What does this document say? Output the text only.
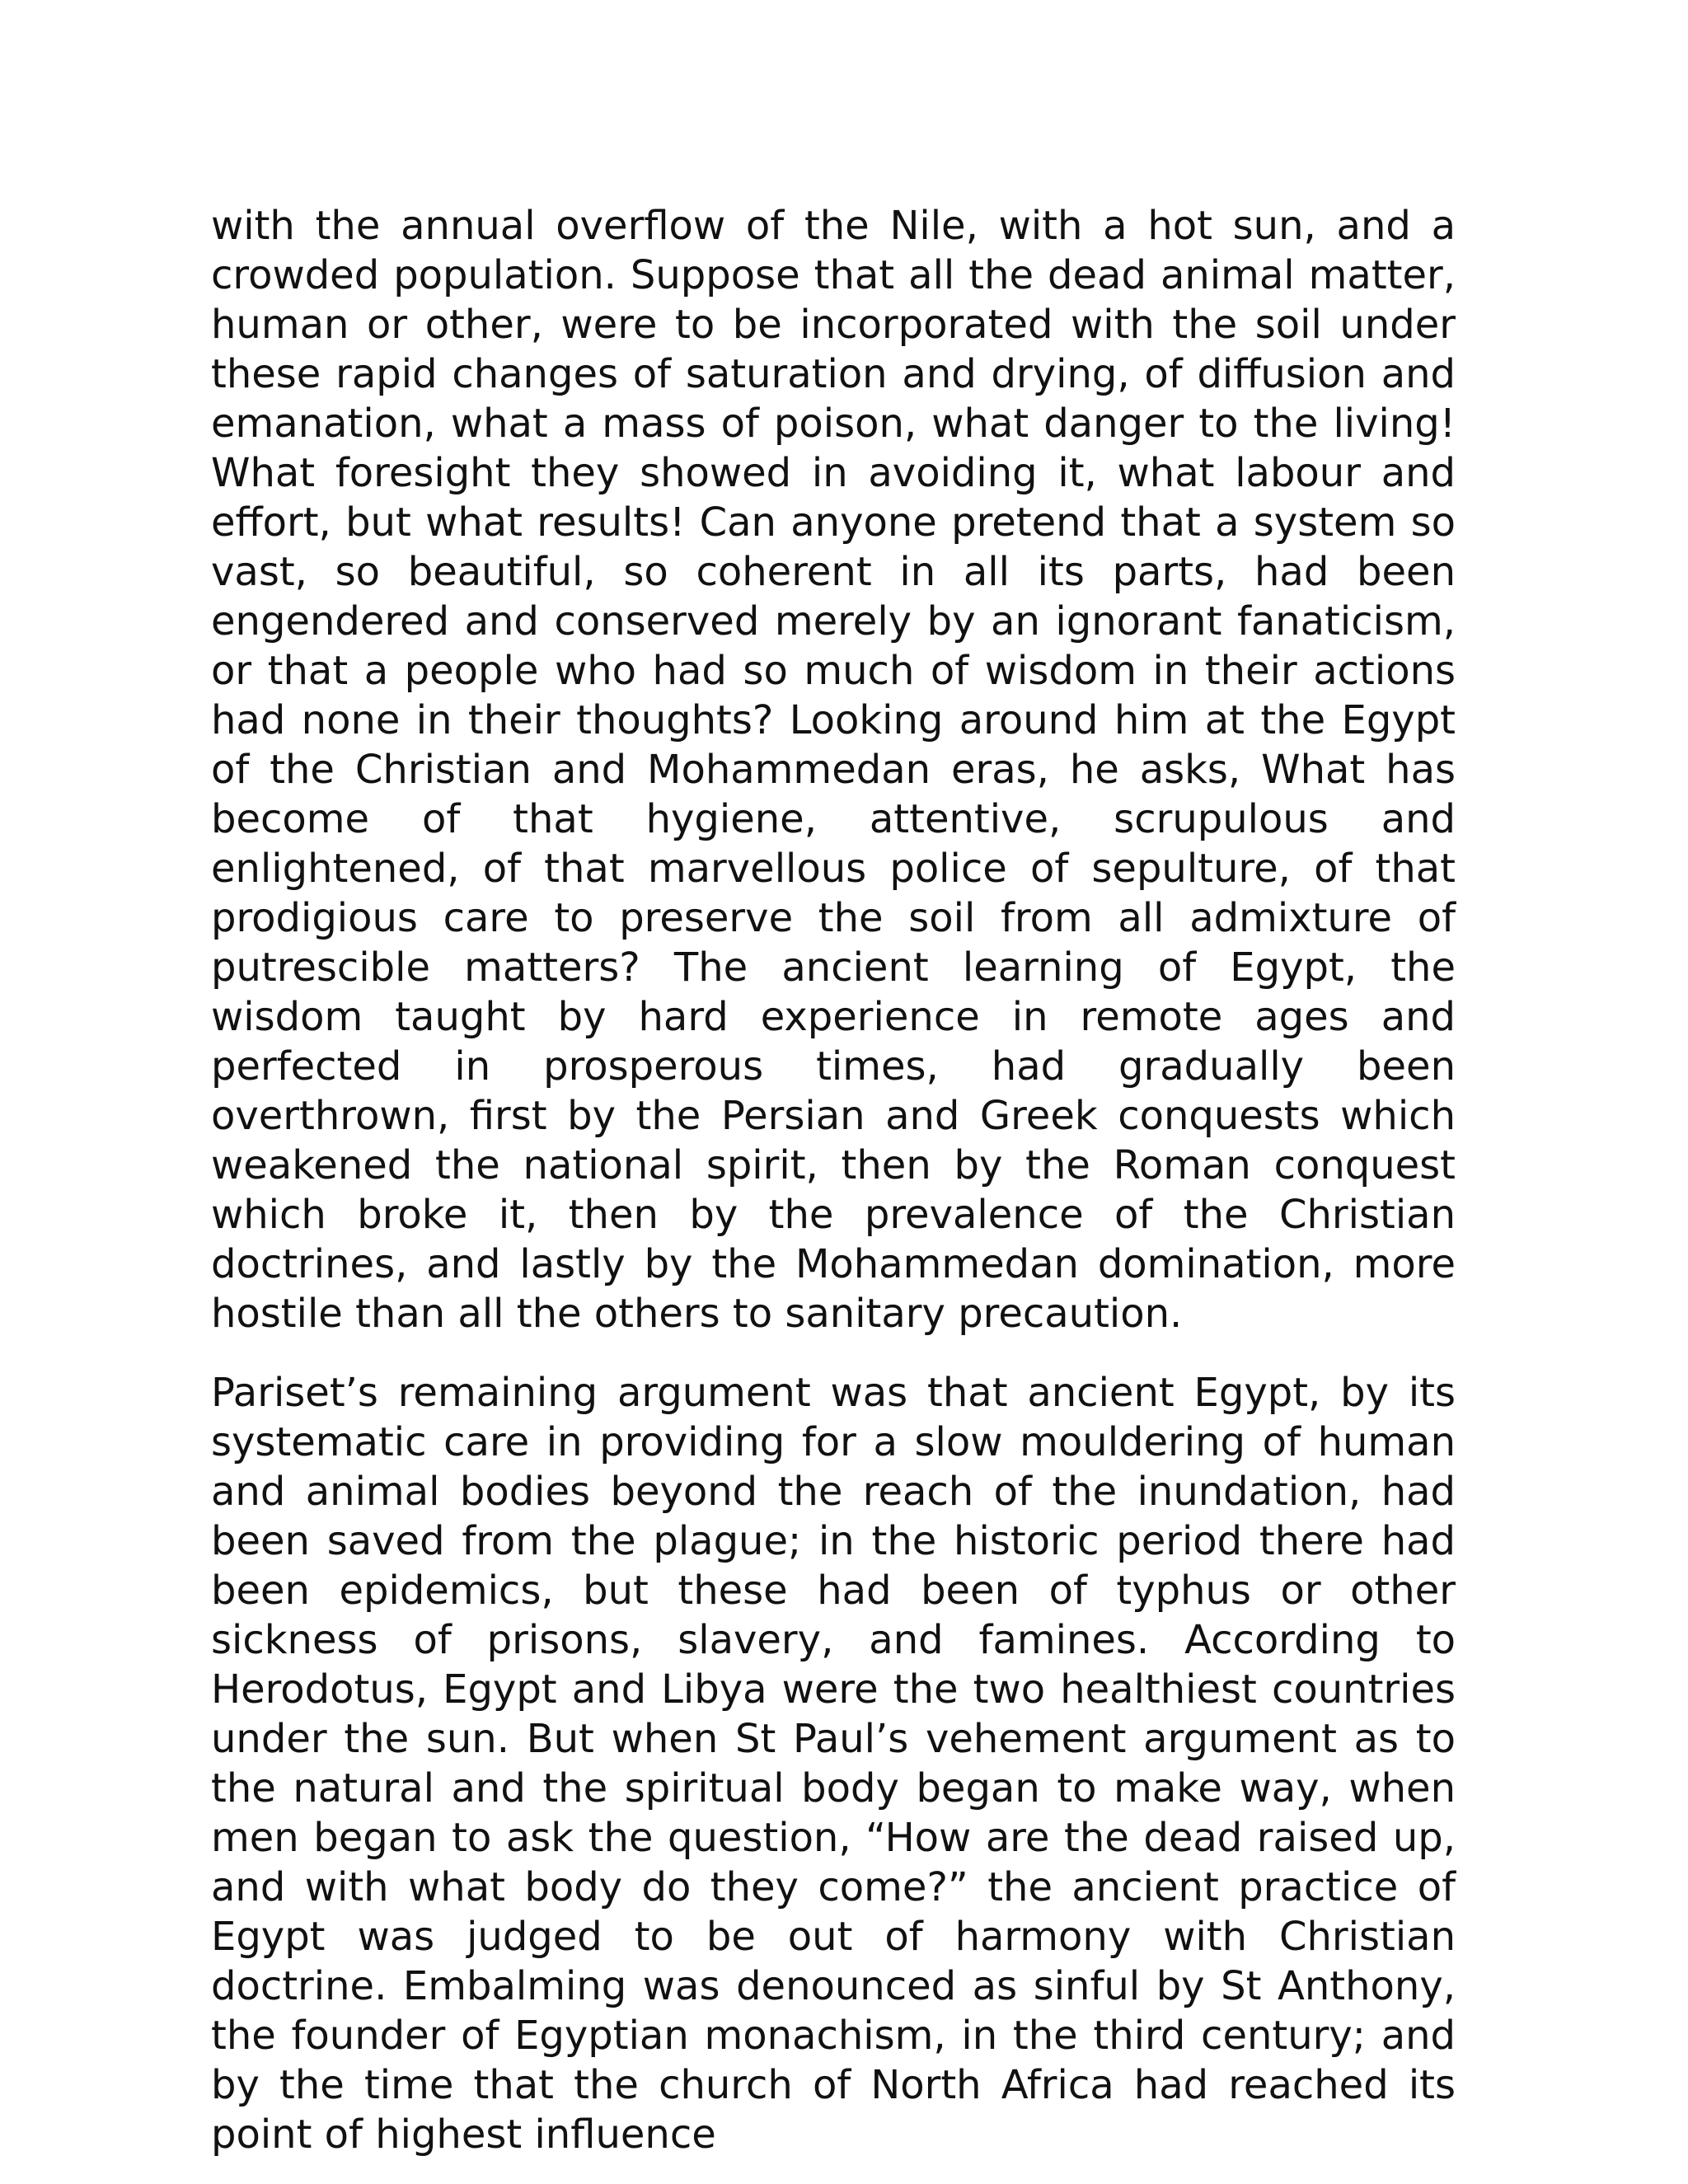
with the annual overflow of the Nile, with a hot sun, and a crowded population. Suppose that all the dead animal matter, human or other, were to be incorporated with the soil under these rapid changes of saturation and drying, of diffusion and emanation, what a mass of poison, what danger to the living! What foresight they showed in avoiding it, what labour and effort, but what results! Can anyone pretend that a system so vast, so beautiful, so coherent in all its parts, had been engendered and conserved merely by an ignorant fanaticism, or that a people who had so much of wisdom in their actions had none in their thoughts? Looking around him at the Egypt of the Christian and Mohammedan eras, he asks, What has become of that hygiene, attentive, scrupulous and enlightened, of that marvellous police of sepulture, of that prodigious care to preserve the soil from all admixture of putrescible matters? The ancient learning of Egypt, the wisdom taught by hard experience in remote ages and perfected in prosperous times, had gradually been overthrown, first by the Persian and Greek conquests which weakened the national spirit, then by the Roman conquest which broke it, then by the prevalence of the Christian doctrines, and lastly by the Mohammedan domination, more hostile than all the others to sanitary precaution.

Pariset’s remaining argument was that ancient Egypt, by its systematic care in providing for a slow mouldering of human and animal bodies beyond the reach of the inundation, had been saved from the plague; in the historic period there had been epidemics, but these had been of typhus or other sickness of prisons, slavery, and famines. According to Herodotus, Egypt and Libya were the two healthiest countries under the sun. But when St Paul’s vehement argument as to the natural and the spiritual body began to make way, when men began to ask the question, “How are the dead raised up, and with what body do they come?” the ancient practice of Egypt was judged to be out of harmony with Christian doctrine. Embalming was denounced as sinful by St Anthony, the founder of Egyptian monachism, in the third century; and by the time that the church of North Africa had reached its point of highest influence
